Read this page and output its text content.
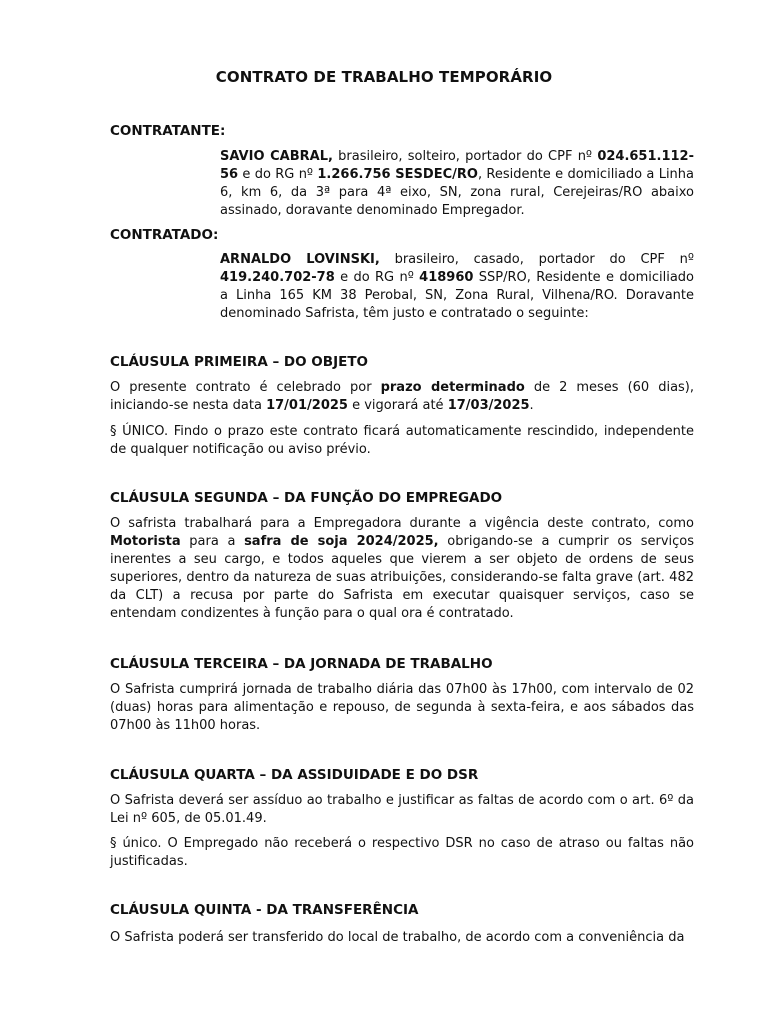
CONTRATO DE TRABALHO TEMPORÁRIO
CONTRATANTE:
SAVIO CABRAL, brasileiro, solteiro, portador do CPF nº 024.651.112-56 e do RG nº 1.266.756 SESDEC/RO, Residente e domiciliado a Linha 6, km 6, da 3ª para 4ª eixo, SN, zona rural, Cerejeiras/RO abaixo assinado, doravante denominado Empregador.
CONTRATADO:
ARNALDO LOVINSKI, brasileiro, casado, portador do CPF nº 419.240.702-78 e do RG nº 418960 SSP/RO, Residente e domiciliado a Linha 165 KM 38 Perobal, SN, Zona Rural, Vilhena/RO. Doravante denominado Safrista, têm justo e contratado o seguinte:
CLÁUSULA PRIMEIRA – DO OBJETO
O presente contrato é celebrado por prazo determinado de 2 meses (60 dias), iniciando-se nesta data 17/01/2025 e vigorará até 17/03/2025.
§ ÚNICO. Findo o prazo este contrato ficará automaticamente rescindido, independente de qualquer notificação ou aviso prévio.
CLÁUSULA SEGUNDA – DA FUNÇÃO DO EMPREGADO
O safrista trabalhará para a Empregadora durante a vigência deste contrato, como Motorista para a safra de soja 2024/2025, obrigando-se a cumprir os serviços inerentes a seu cargo, e todos aqueles que vierem a ser objeto de ordens de seus superiores, dentro da natureza de suas atribuições, considerando-se falta grave (art. 482 da CLT) a recusa por parte do Safrista em executar quaisquer serviços, caso se entendam condizentes à função para o qual ora é contratado.
CLÁUSULA TERCEIRA – DA JORNADA DE TRABALHO
O Safrista cumprirá jornada de trabalho diária das 07h00 às 17h00, com intervalo de 02 (duas) horas para alimentação e repouso, de segunda à sexta-feira, e aos sábados das 07h00 às 11h00 horas.
CLÁUSULA QUARTA – DA ASSIDUIDADE E DO DSR
O Safrista deverá ser assíduo ao trabalho e justificar as faltas de acordo com o art. 6º da Lei nº 605, de 05.01.49.
§ único. O Empregado não receberá o respectivo DSR no caso de atraso ou faltas não justificadas.
CLÁUSULA QUINTA - DA TRANSFERÊNCIA
O Safrista poderá ser transferido do local de trabalho, de acordo com a conveniência da
